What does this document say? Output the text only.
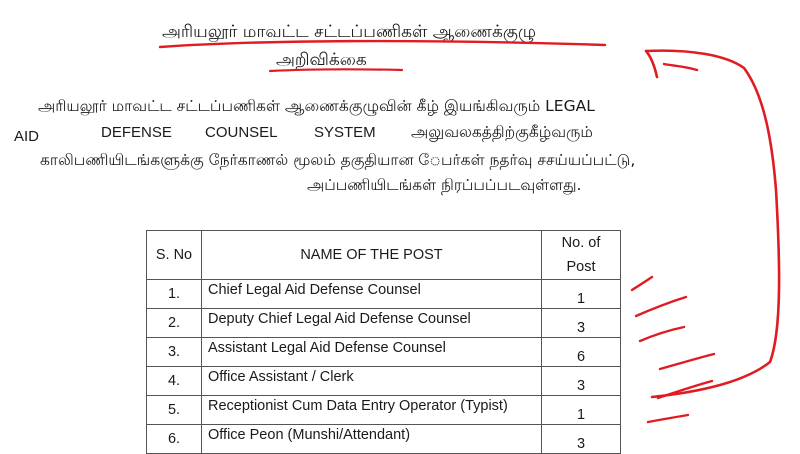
அரியலூர் மாவட்ட சட்டப்பணிகள் ஆணைக்குழு
அறிவிக்கை
அரியலூர் மாவட்ட சட்டப்பணிகள் ஆணைக்குழுவின் கீழ் இயங்கிவரும் LEGAL
AID	DEFENSE COUNSEL SYSTEM அலுவலகத்திற்குகீழ்வரும்
காலிபணியிடங்களுக்கு நேர்காணல் மூலம் தகுதியான ேபர்கள் நதர்வு சசய்யப்பட்டு,
அப்பணியிடங்கள் நிரப்பப்படவுள்ளது.
S. No	NAME OF THE POST	No. of
Post
1.	Chief Legal Aid Defense Counsel	1
2.	Deputy Chief Legal Aid Defense Counsel	3
3.	Assistant Legal Aid Defense Counsel	6
4.	Office Assistant / Clerk	3
5.	Receptionist Cum Data Entry Operator (Typist)	1
6.	Office Peon (Munshi/Attendant)	3
